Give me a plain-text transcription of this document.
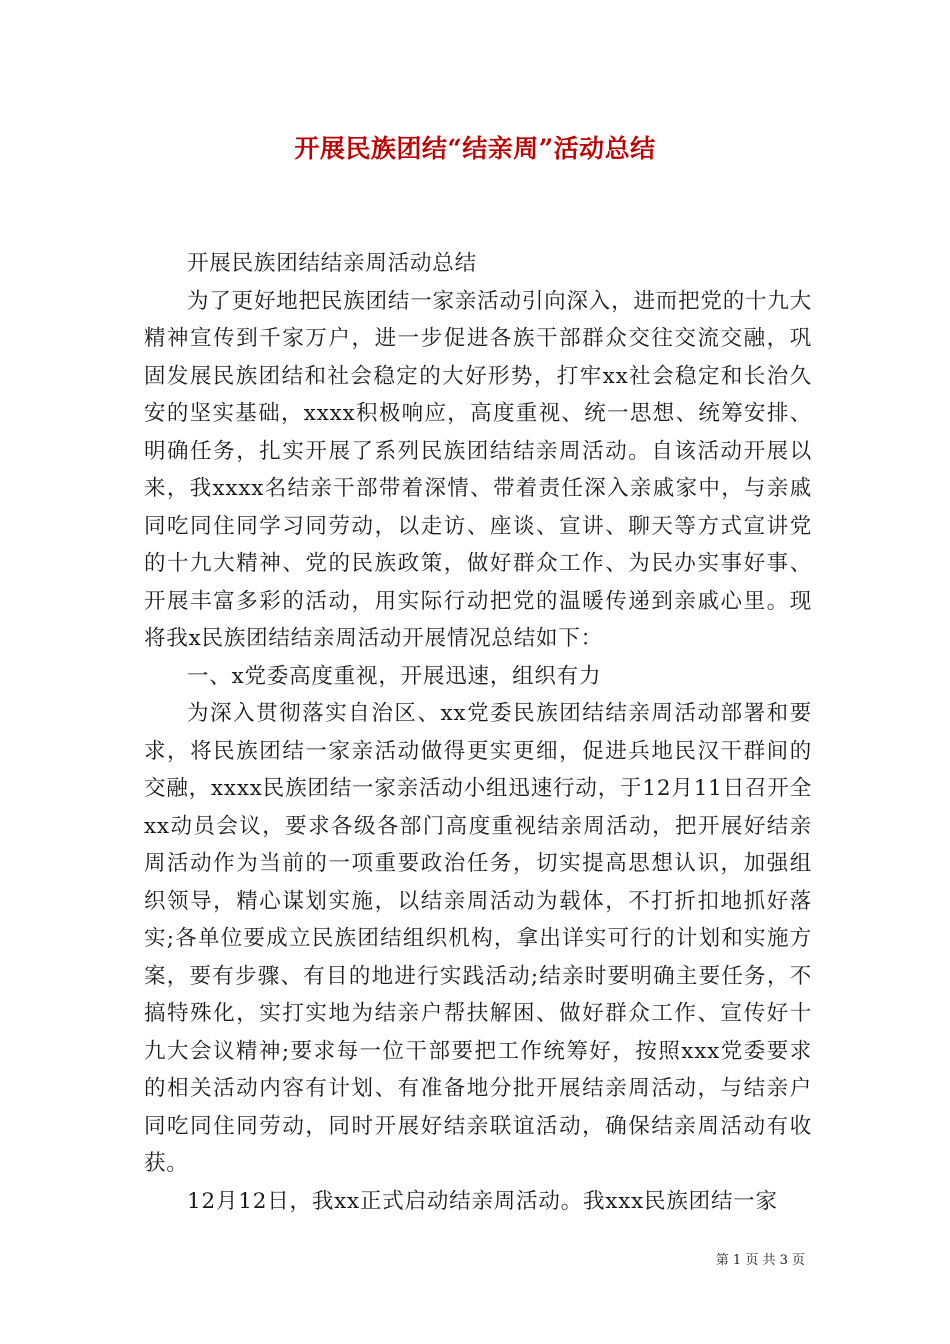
开展民族团结“结亲周”活动总结

开展民族团结结亲周活动总结

为了更好地把民族团结一家亲活动引向深入，进而把党的十九大精神宣传到千家万户，进一步促进各族干部群众交往交流交融，巩固发展民族团结和社会稳定的大好形势，打牢xx社会稳定和长治久安的坚实基础，xxxx积极响应，高度重视、统一思想、统筹安排、明确任务，扎实开展了系列民族团结结亲周活动。自该活动开展以来，我xxxx名结亲干部带着深情、带着责任深入亲戚家中，与亲戚同吃同住同学习同劳动，以走访、座谈、宣讲、聊天等方式宣讲党的十九大精神、党的民族政策，做好群众工作、为民办实事好事、开展丰富多彩的活动，用实际行动把党的温暖传递到亲戚心里。现将我x民族团结结亲周活动开展情况总结如下：

一、x党委高度重视，开展迅速，组织有力

为深入贯彻落实自治区、xx党委民族团结结亲周活动部署和要求，将民族团结一家亲活动做得更实更细，促进兵地民汉干群间的交融，xxxx民族团结一家亲活动小组迅速行动，于12月11日召开全xx动员会议，要求各级各部门高度重视结亲周活动，把开展好结亲周活动作为当前的一项重要政治任务，切实提高思想认识，加强组织领导，精心谋划实施，以结亲周活动为载体，不打折扣地抓好落实;各单位要成立民族团结组织机构，拿出详实可行的计划和实施方案，要有步骤、有目的地进行实践活动;结亲时要明确主要任务，不搞特殊化，实打实地为结亲户帮扶解困、做好群众工作、宣传好十九大会议精神;要求每一位干部要把工作统筹好，按照xxx党委要求的相关活动内容有计划、有准备地分批开展结亲周活动，与结亲户同吃同住同劳动，同时开展好结亲联谊活动，确保结亲周活动有收获。

12月12日，我xx正式启动结亲周活动。我xxx民族团结一家

第 1 页 共 3 页
